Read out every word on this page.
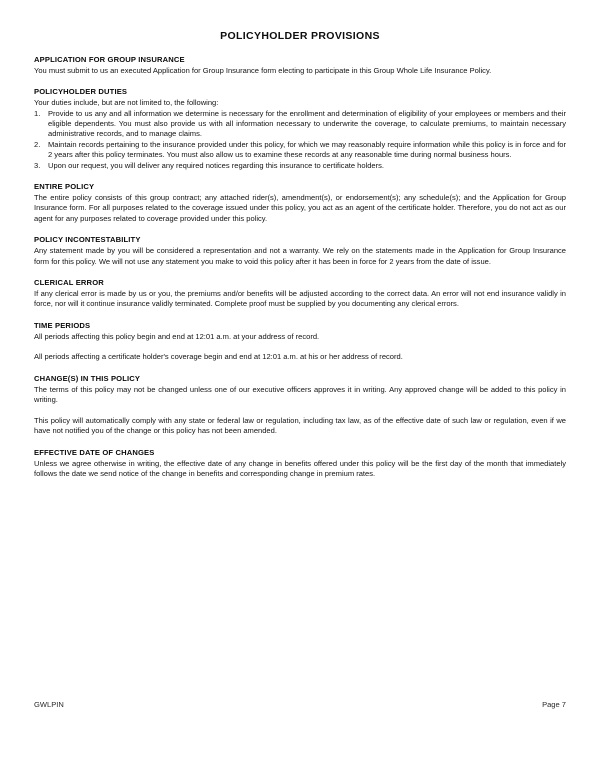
POLICYHOLDER PROVISIONS
APPLICATION FOR GROUP INSURANCE

You must submit to us an executed Application for Group Insurance form electing to participate in this Group Whole Life Insurance Policy.

POLICYHOLDER DUTIES

Your duties include, but are not limited to, the following:

1.	Provide to us any and all information we determine is necessary for the enrollment and determination of eligibility of your employees or members and their eligible dependents. You must also provide us with all information necessary to underwrite the coverage, to calculate premiums, to maintain necessary administrative records, and to manage claims.
2.	Maintain records pertaining to the insurance provided under this policy, for which we may reasonably require information while this policy is in force and for 2 years after this policy terminates. You must also allow us to examine these records at any reasonable time during normal business hours.
3.	Upon our request, you will deliver any required notices regarding this insurance to certificate holders.
ENTIRE POLICY

The entire policy consists of this group contract; any attached rider(s), amendment(s), or endorsement(s); any schedule(s); and the Application for Group Insurance form. For all purposes related to the coverage issued under this policy, you act as an agent of the certificate holder. Therefore, you do not act as our agent for any purposes related to coverage provided under this policy.

POLICY INCONTESTABILITY

Any statement made by you will be considered a representation and not a warranty. We rely on the statements made in the Application for Group Insurance form for this policy. We will not use any statement you make to void this policy after it has been in force for 2 years from the date of issue.

CLERICAL ERROR

If any clerical error is made by us or you, the premiums and/or benefits will be adjusted according to the correct data. An error will not end insurance validly in force, nor will it continue insurance validly terminated. Complete proof must be supplied by you documenting any clerical errors.

TIME PERIODS

All periods affecting this policy begin and end at 12:01 a.m. at your address of record.

All periods affecting a certificate holder's coverage begin and end at 12:01 a.m. at his or her address of record.

CHANGE(S) IN THIS POLICY

The terms of this policy may not be changed unless one of our executive officers approves it in writing. Any approved change will be added to this policy in writing.

This policy will automatically comply with any state or federal law or regulation, including tax law, as of the effective date of such law or regulation, even if we have not notified you of the change or this policy has not been amended.

EFFECTIVE DATE OF CHANGES

Unless we agree otherwise in writing, the effective date of any change in benefits offered under this policy will be the first day of the month that immediately follows the date we send notice of the change in benefits and corresponding change in premium rates.

GWLPIN	Page 7
